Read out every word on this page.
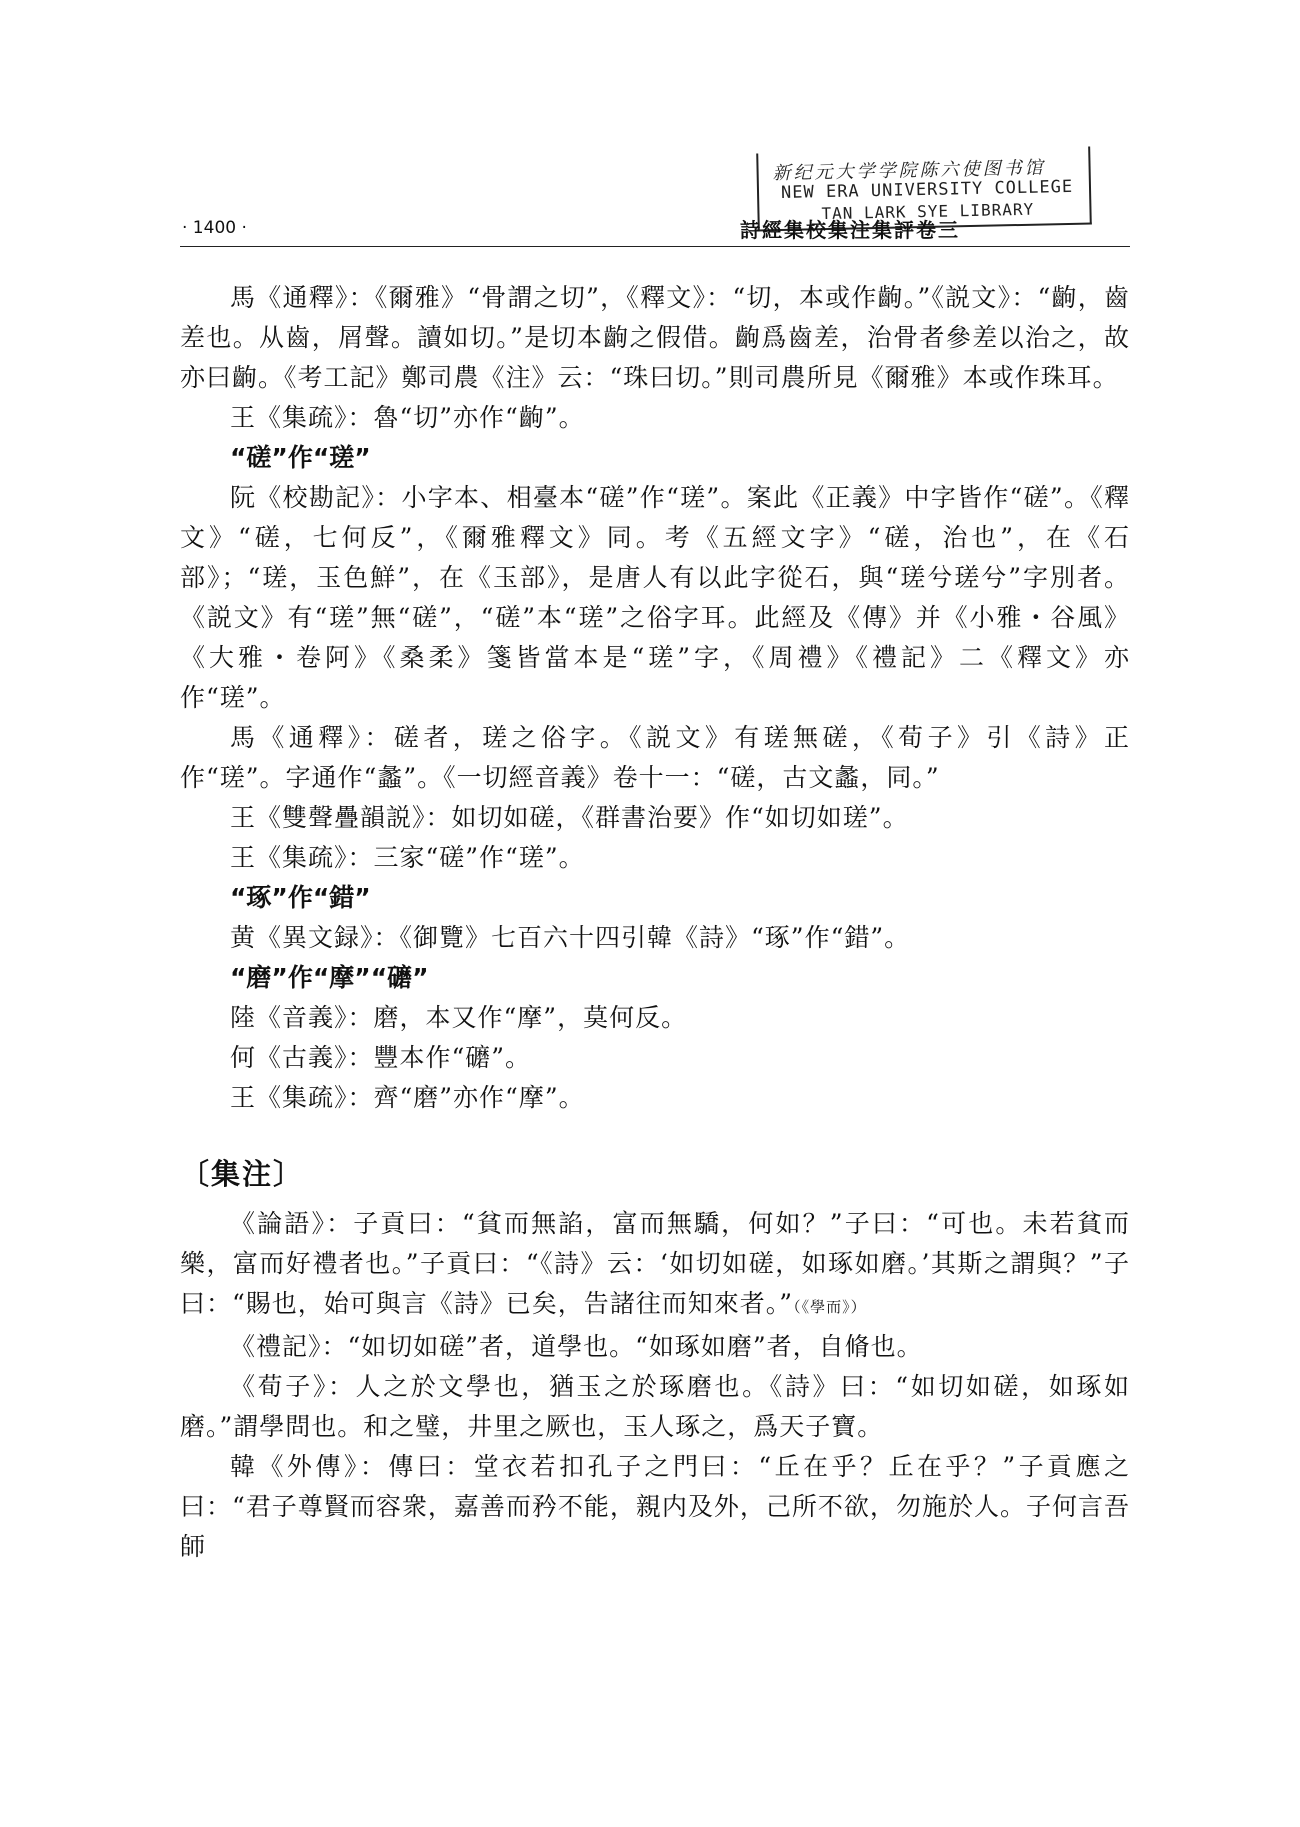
新纪元大学学院陈六使图书馆
NEW ERA UNIVERSITY COLLEGE
TAN LARK SYE LIBRARY
· 1400 ·	詩經集校集注集評卷三

馬《通釋》：《爾雅》“骨謂之切”，《釋文》：“切，本或作齣。”《説文》：“齣，齒差也。从齒，屑聲。讀如切。”是切本齣之假借。齣爲齒差，治骨者參差以治之，故亦曰齣。《考工記》鄭司農《注》云：“珠曰切。”則司農所見《爾雅》本或作珠耳。

王《集疏》：魯“切”亦作“齣”。

“磋”作“瑳”

阮《校勘記》：小字本、相臺本“磋”作“瑳”。案此《正義》中字皆作“磋”。《釋文》“磋，七何反”，《爾雅釋文》同。考《五經文字》“磋，治也”，在《石部》；“瑳，玉色鮮”，在《玉部》，是唐人有以此字從石，與“瑳兮瑳兮”字別者。《説文》有“瑳”無“磋”，“磋”本“瑳”之俗字耳。此經及《傳》并《小雅・谷風》《大雅・卷阿》《桑柔》箋皆當本是“瑳”字，《周禮》《禮記》二《釋文》亦作“瑳”。

馬《通釋》：磋者，瑳之俗字。《説文》有瑳無磋，《荀子》引《詩》正作“瑳”。字通作“蠡”。《一切經音義》卷十一：“磋，古文蠡，同。”

王《雙聲疊韻説》：如切如磋，《群書治要》作“如切如瑳”。

王《集疏》：三家“磋”作“瑳”。

“琢”作“錯”

黄《異文録》：《御覽》七百六十四引韓《詩》“琢”作“錯”。

“磨”作“摩”“礳”

陸《音義》：磨，本又作“摩”，莫何反。

何《古義》：豐本作“礳”。

王《集疏》：齊“磨”亦作“摩”。

〔集注〕

《論語》：子貢曰：“貧而無諂，富而無驕，何如？”子曰：“可也。未若貧而樂，富而好禮者也。”子貢曰：“《詩》云：‘如切如磋，如琢如磨。’其斯之謂與？”子曰：“賜也，始可與言《詩》已矣，告諸往而知來者。”（《學而》）

《禮記》：“如切如磋”者，道學也。“如琢如磨”者，自脩也。

《荀子》：人之於文學也，猶玉之於琢磨也。《詩》曰：“如切如磋，如琢如磨。”謂學問也。和之璧，井里之厥也，玉人琢之，爲天子寶。

韓《外傳》：傳曰：堂衣若扣孔子之門曰：“丘在乎？丘在乎？”子貢應之曰：“君子尊賢而容衆，嘉善而矜不能，親内及外，己所不欲，勿施於人。子何言吾師
